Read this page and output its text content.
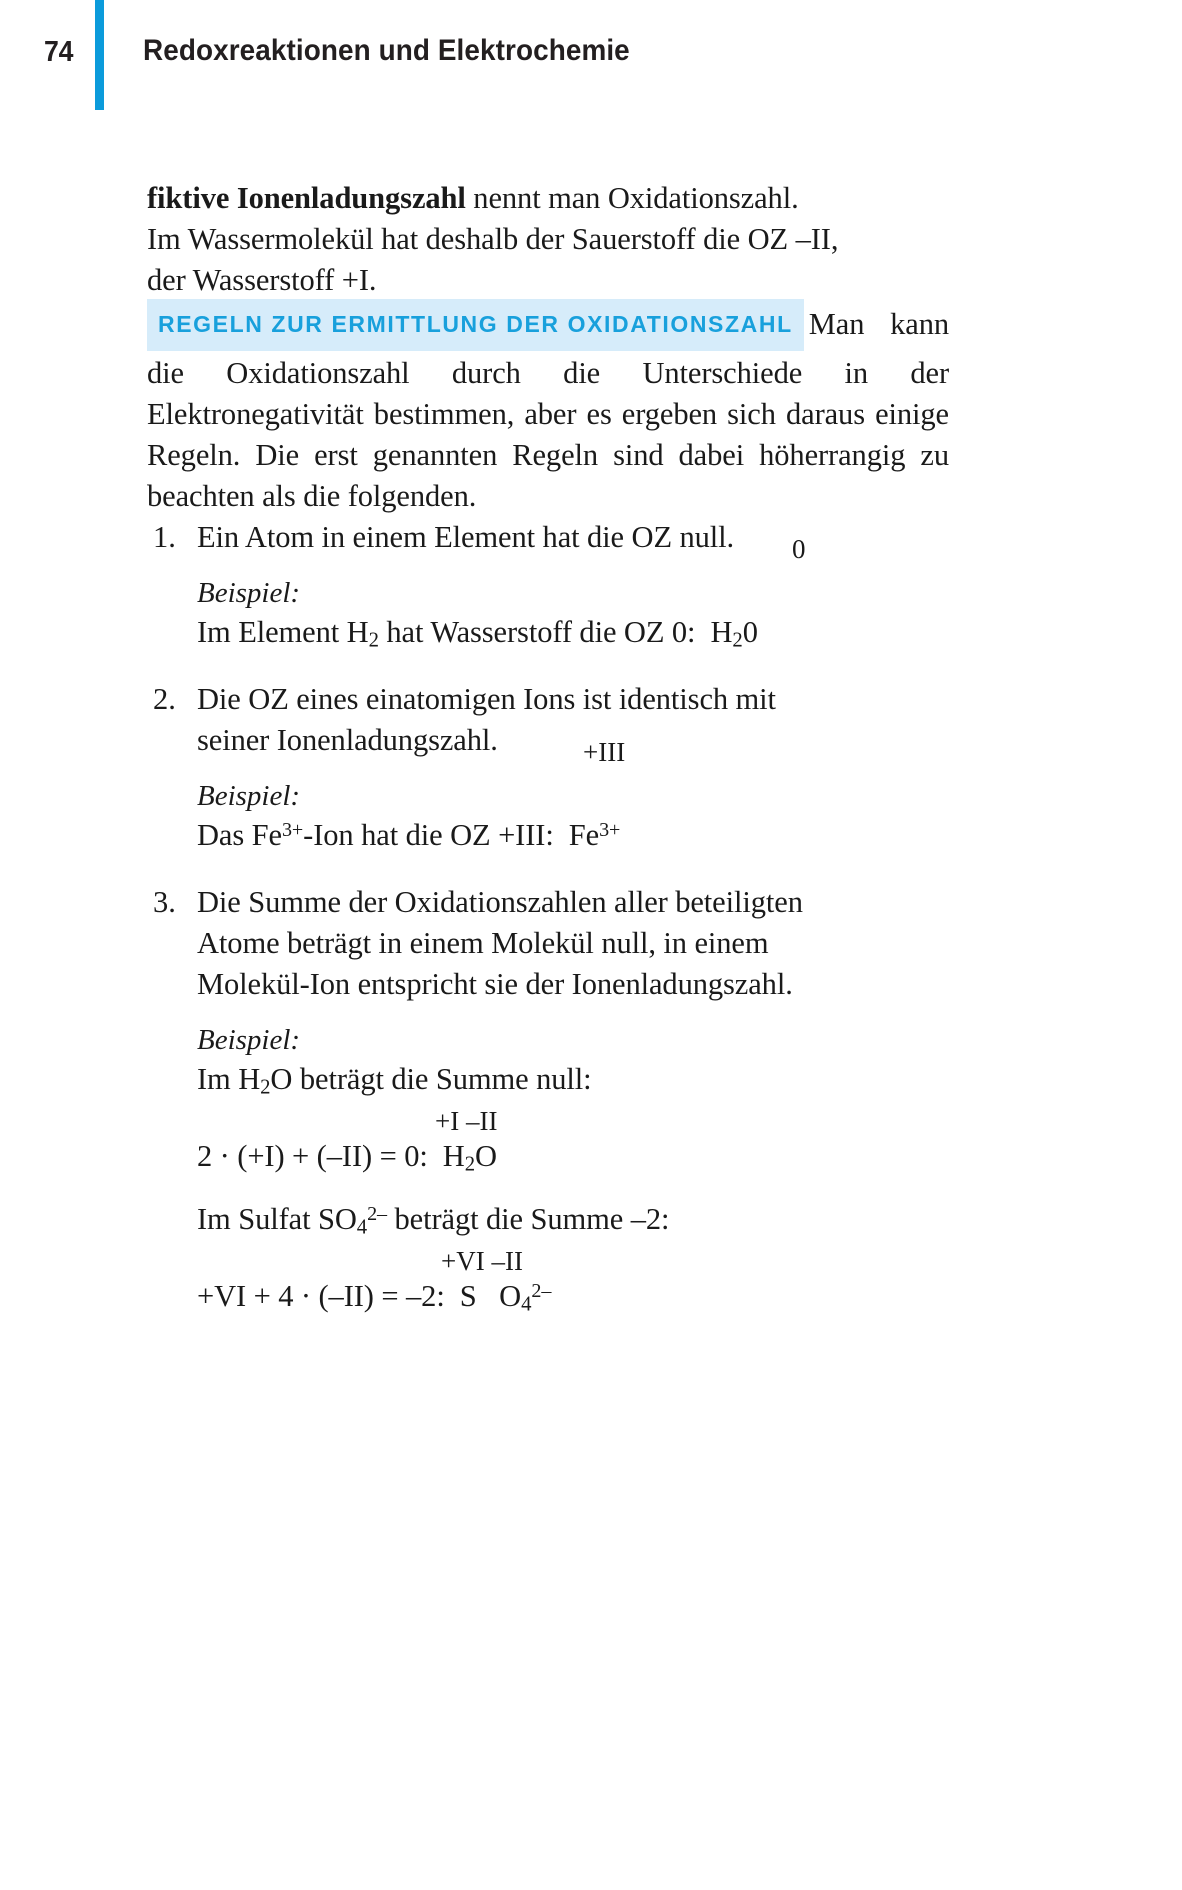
74	Redoxreaktionen und Elektrochemie

fiktive Ionenladungszahl nennt man Oxidationszahl.
Im Wassermolekül hat deshalb der Sauerstoff die OZ –II,
der Wasserstoff +I.

REGELN ZUR ERMITTLUNG DER OXIDATIONSZAHL Man kann die Oxidationszahl durch die Unterschiede in der Elektronegativität bestimmen, aber es ergeben sich daraus einige Regeln. Die erst genannten Regeln sind dabei höherrangig zu beachten als die folgenden.

1. Ein Atom in einem Element hat die OZ null.
Beispiel:
0
Im Element $H_2$ hat Wasserstoff die OZ 0:  $H_20$
2. Die OZ eines einatomigen Ions ist identisch mit
seiner Ionenladungszahl.
Beispiel:
+III
Das $Fe^{3+}$-Ion hat die OZ +III:  $Fe^{3+}$
3. Die Summe der Oxidationszahlen aller beteiligten
Atome beträgt in einem Molekül null, in einem
Molekül-Ion entspricht sie der Ionenladungszahl.
Beispiel:
Im $H_2O$ beträgt die Summe null:
+I –II
2 · (+I) + (–II) = 0:  $H_2O$
Im Sulfat $SO_4^{2-}$ beträgt die Summe –2:
+VI –II
+VI + 4 · (–II) = –2:  S   $O_4^{2-}$
